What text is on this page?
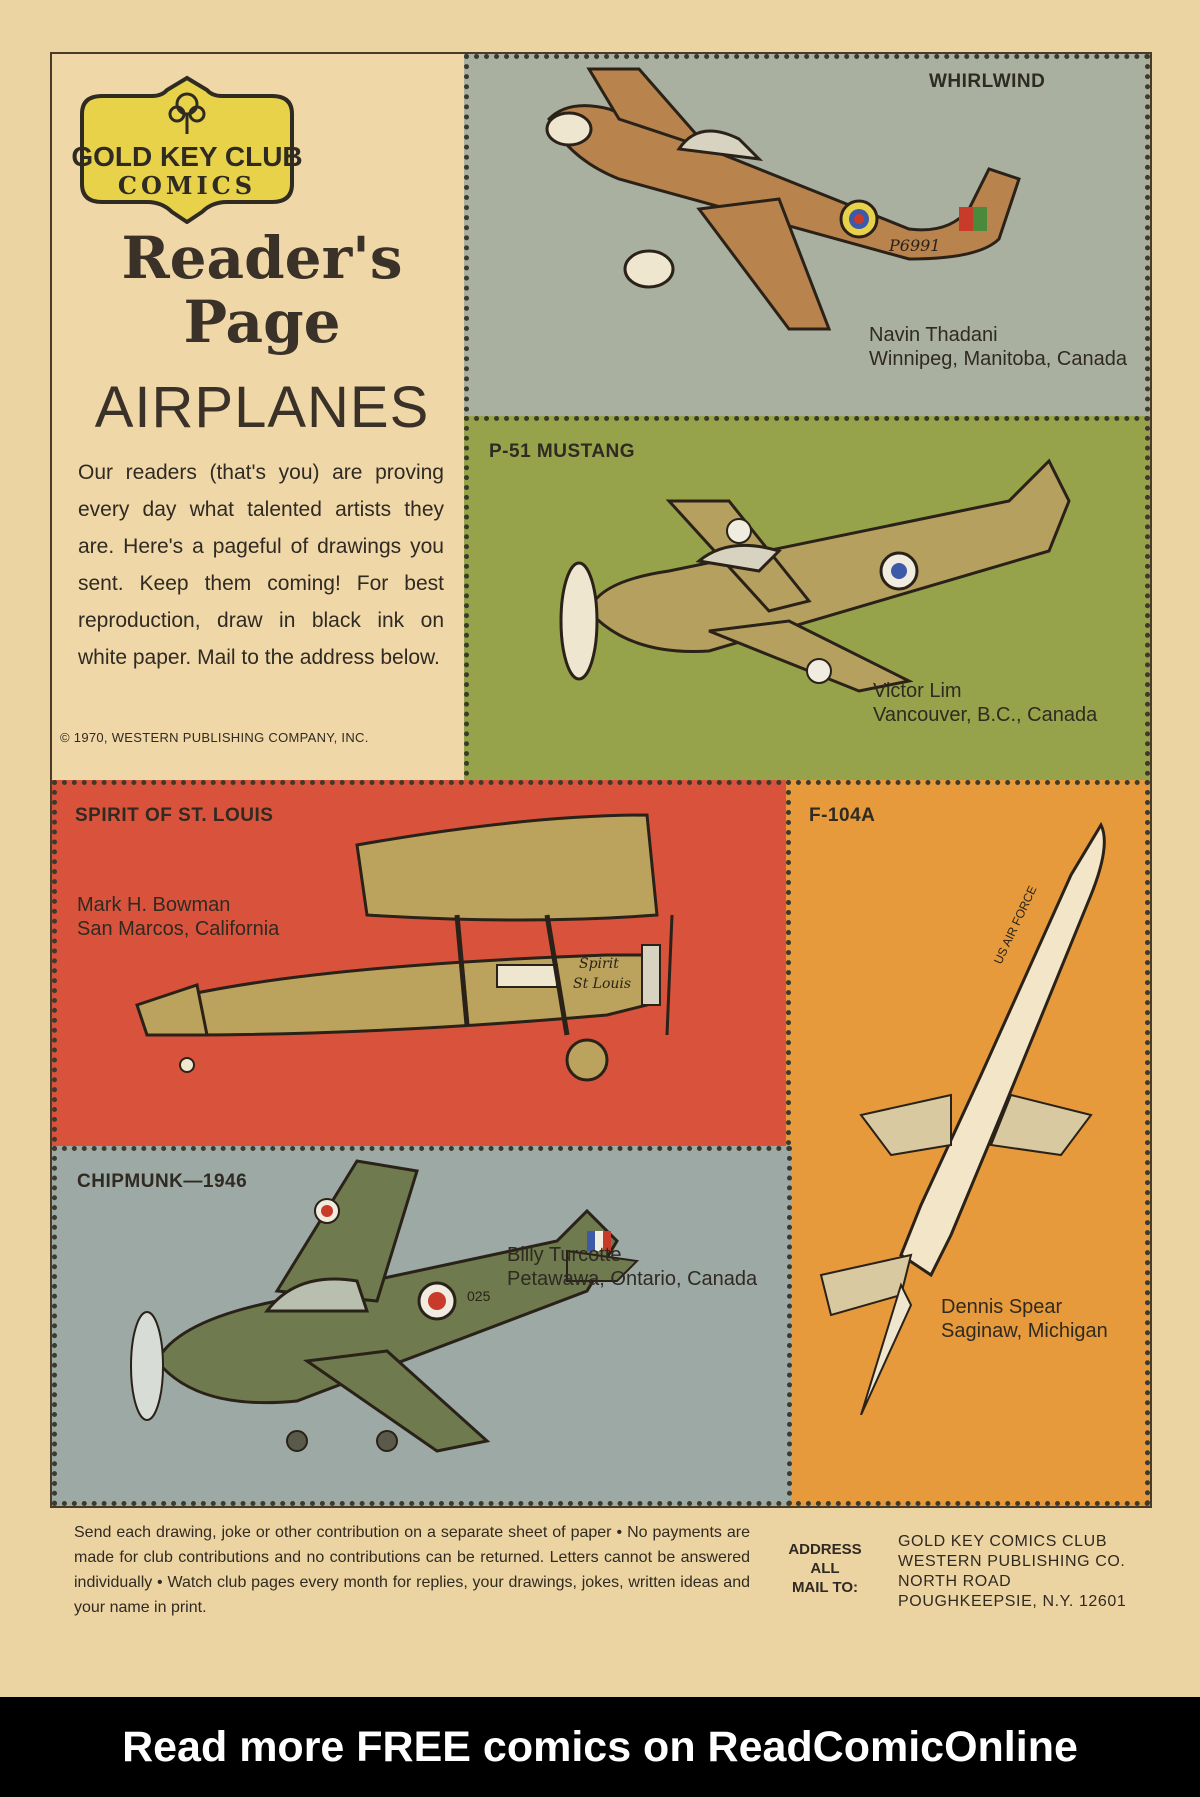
GOLD KEY CLUB
COMICS
Reader's
Page
AIRPLANES
Our readers (that's you) are proving every day what talented artists they are. Here's a pageful of drawings you sent. Keep them coming! For best reproduction, draw in black ink on white paper. Mail to the address below.
© 1970, WESTERN PUBLISHING COMPANY, INC.
WHIRLWIND
P6991
Navin Thadani
Winnipeg, Manitoba, Canada
P-51 MUSTANG
Victor Lim
Vancouver, B.C., Canada
SPIRIT OF ST. LOUIS
Spirit
St Louis
Mark H. Bowman
San Marcos, California
F-104A
US AIR FORCE
Dennis Spear
Saginaw, Michigan
CHIPMUNK—1946
025
Billy Turcotte
Petawawa, Ontario, Canada
Send each drawing, joke or other contribution on a separate sheet of paper • No payments are made for club contributions and no contributions can be returned. Letters cannot be answered individually • Watch club pages every month for replies, your drawings, jokes, written ideas and your name in print.
ADDRESS
ALL
MAIL TO:
GOLD KEY COMICS CLUB
WESTERN PUBLISHING CO.
NORTH ROAD
POUGHKEEPSIE, N.Y. 12601
Read more FREE comics on ReadComicOnline
